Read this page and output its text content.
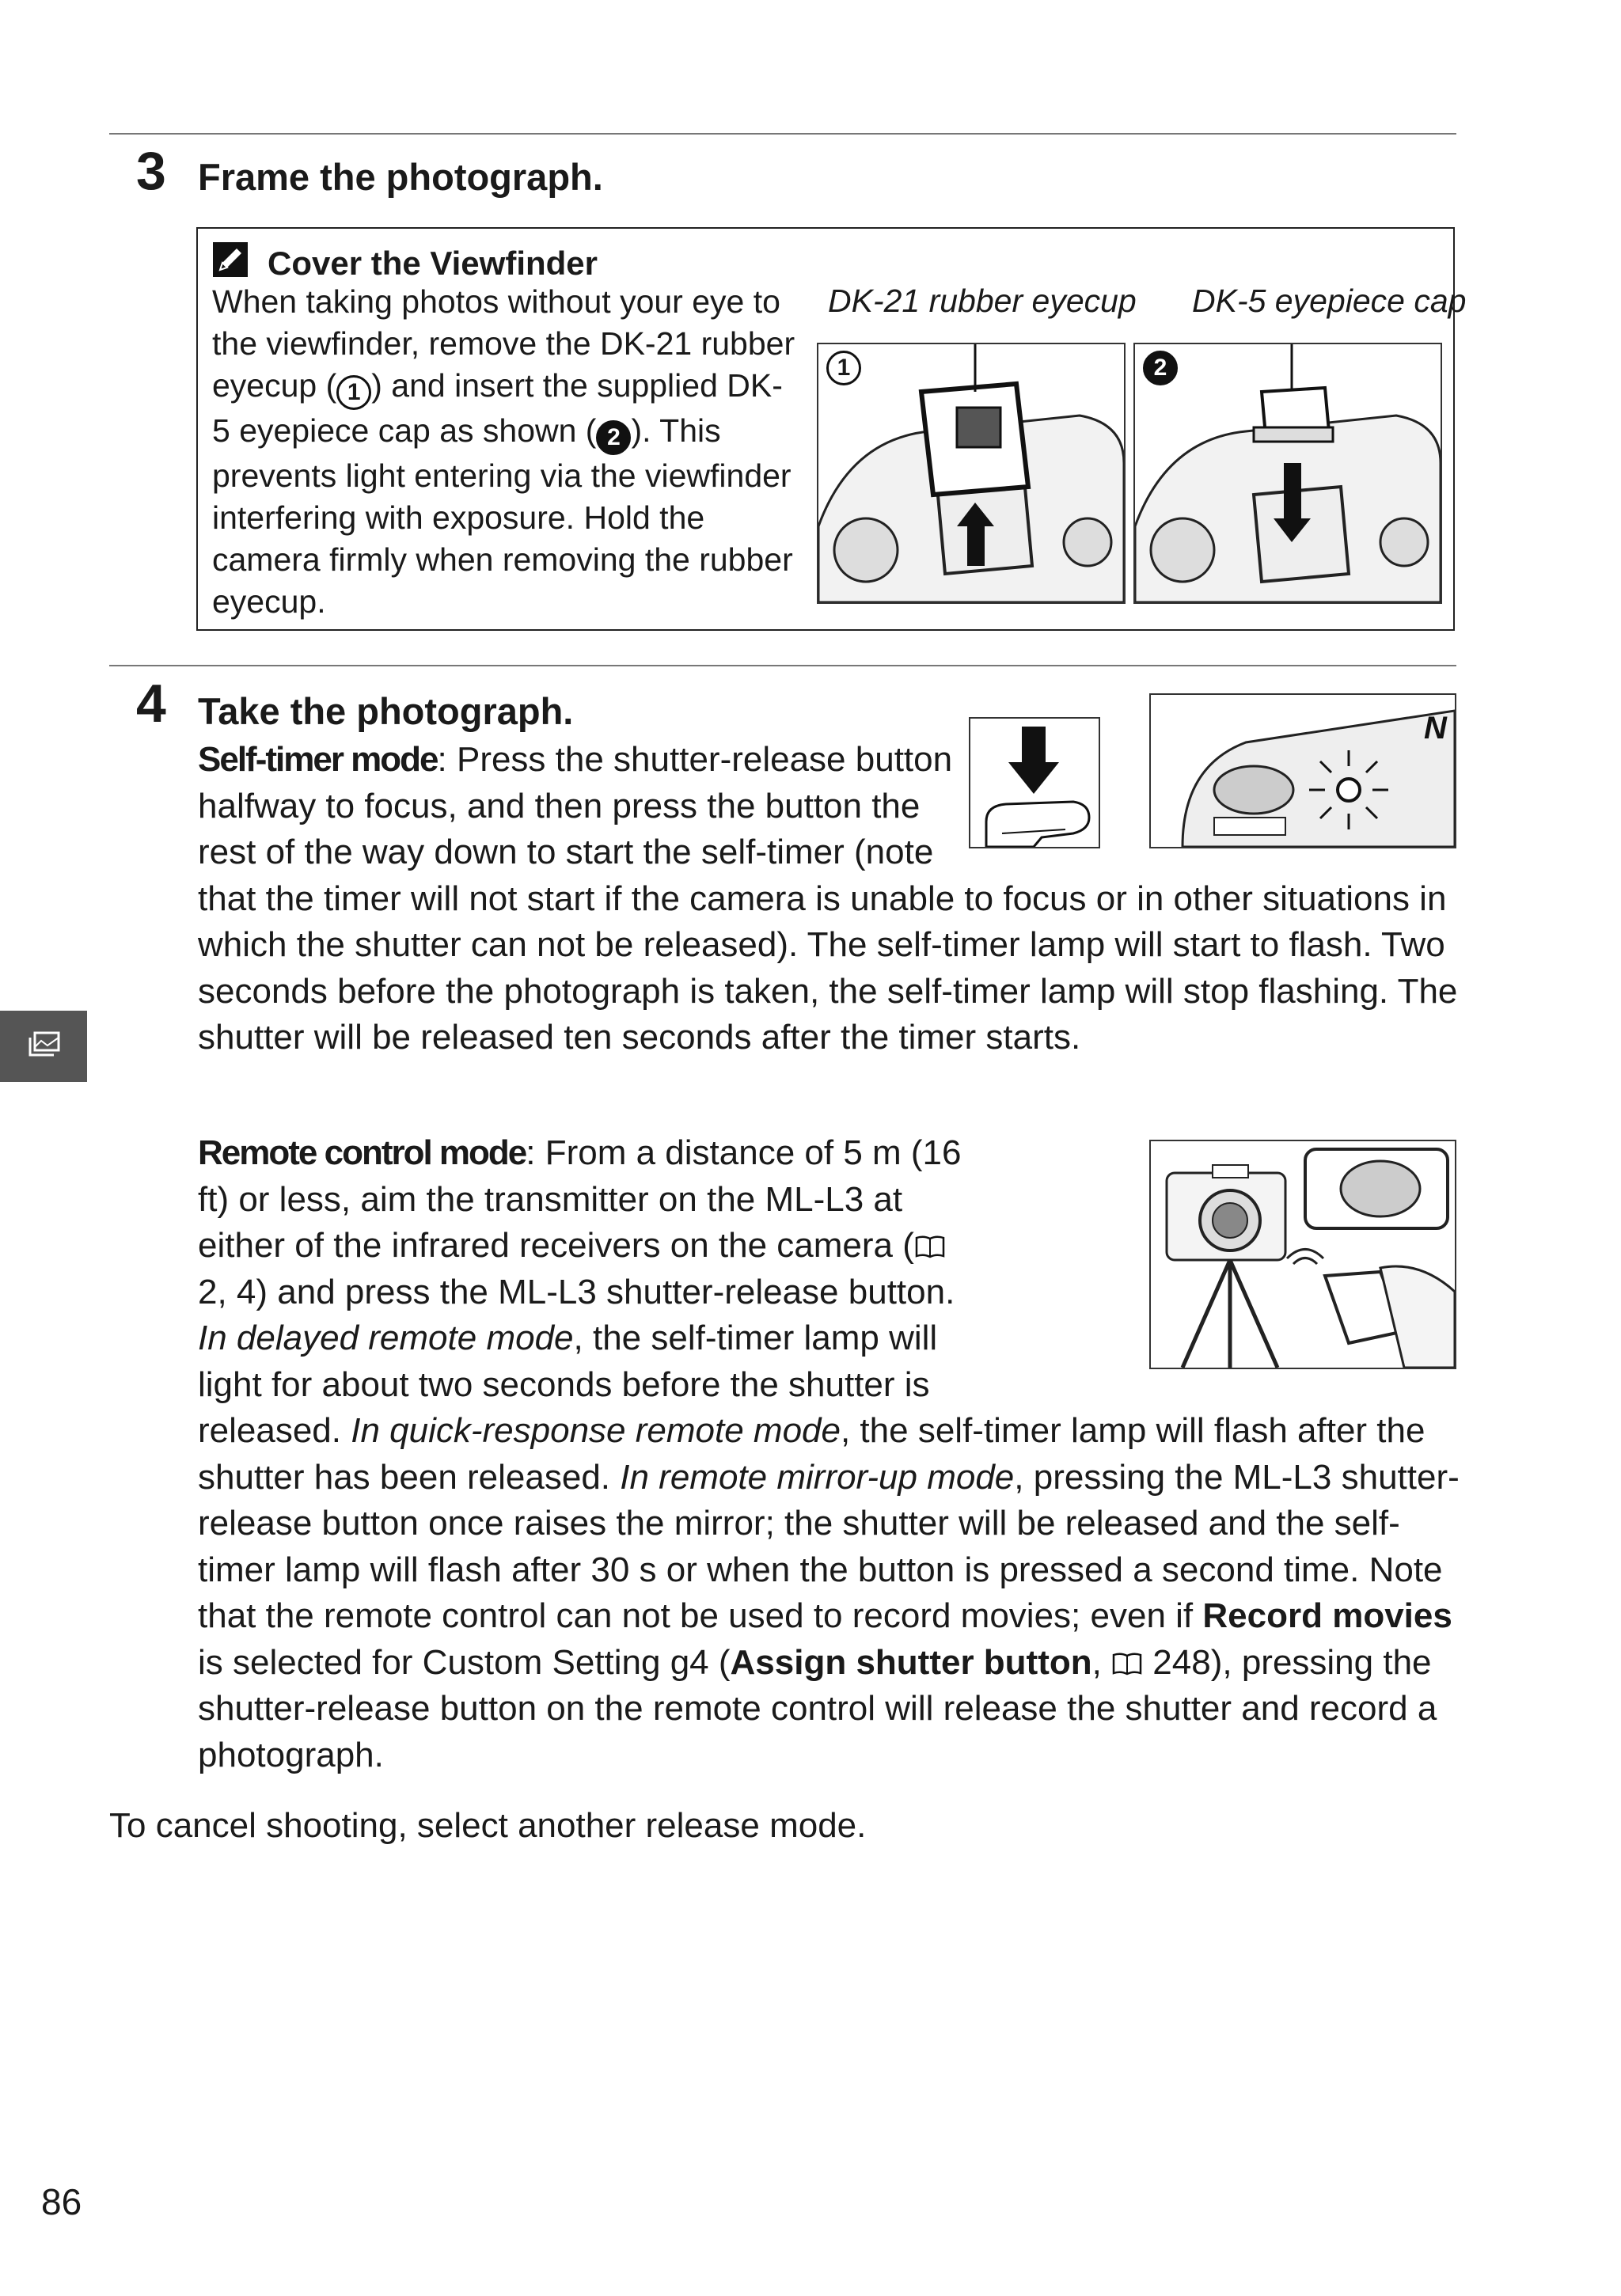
3 Frame the photograph.
Cover the Viewfinder
When taking photos without your eye to the viewfinder, remove the DK-21 rubber eyecup ( 1 ) and insert the supplied DK-5 eyepiece cap as shown ( 2 ). This prevents light entering via the viewfinder interfering with exposure. Hold the camera firmly when removing the rubber eyecup.
DK-21 rubber eyecup DK-5 eyepiece cap
1	2
4 Take the photograph.

Self-timer mode: Press the shutter-release button halfway to focus, and then press the button the rest of the way down to start the self-timer (note that the timer will not start if the camera is unable to focus or in other situations in which the shutter can not be released). The self-timer lamp will start to flash. Two seconds before the photograph is taken, the self-timer lamp will stop flashing. The shutter will be released ten seconds after the timer starts.

N

Remote control mode: From a distance of 5 m (16 ft) or less, aim the transmitter on the ML-L3 at either of the infrared receivers on the camera ( 2, 4) and press the ML-L3 shutter-release button. In delayed remote mode, the self-timer lamp will light for about two seconds before the shutter is released. In quick-response remote mode, the self-timer lamp will flash after the shutter has been released. In remote mirror-up mode, pressing the ML-L3 shutter-release button once raises the mirror; the shutter will be released and the self-timer lamp will flash after 30 s or when the button is pressed a second time. Note that the remote control can not be used to record movies; even if Record movies is selected for Custom Setting g4 (Assign shutter button,  248), pressing the shutter-release button on the remote control will release the shutter and record a photograph.

To cancel shooting, select another release mode.
86
